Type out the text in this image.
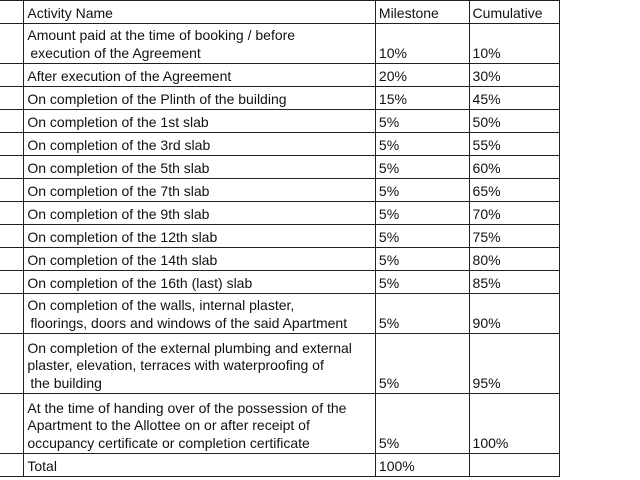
	Activity Name	Milestone	Cumulative

	Amount paid at the time of booking / before
execution of the Agreement	10%	10%

	After execution of the Agreement	20%	30%

	On completion of the Plinth of the building	15%	45%

	On completion of the 1st slab	5%	50%

	On completion of the 3rd slab	5%	55%

	On completion of the 5th slab	5%	60%

	On completion of the 7th slab	5%	65%

	On completion of the 9th slab	5%	70%

	On completion of the 12th slab	5%	75%

On completion of the 14th slab	5%	80%

	On completion of the 16th (last) slab	5%	85%

On completion of the walls, internal plaster,
floorings, doors and windows of the said Apartment	5%	90%

On completion of the external plumbing and external
plaster, elevation, terraces with waterproofing of
the building	5%	95%

At the time of handing over of the possession of the
Apartment to the Allottee on or after receipt of
occupancy certificate or completion certificate	5%	100%
	Total	100%	
